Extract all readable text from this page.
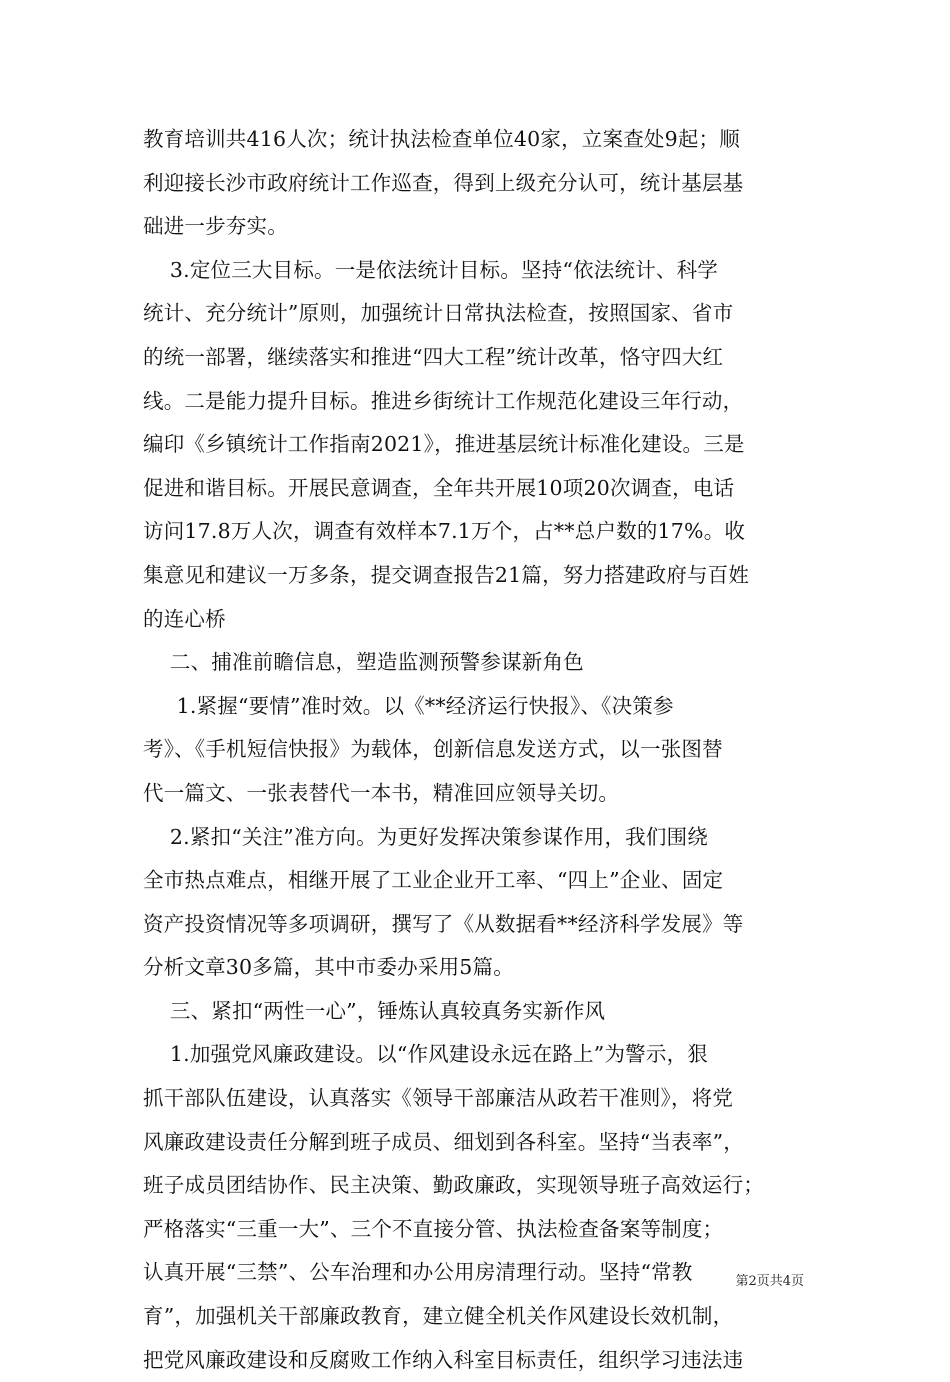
教育培训共416人次；统计执法检查单位40家，立案查处9起；顺
利迎接长沙市政府统计工作巡查，得到上级充分认可，统计基层基
础进一步夯实。
3.定位三大目标。一是依法统计目标。坚持“依法统计、科学
统计、充分统计”原则，加强统计日常执法检查，按照国家、省市
的统一部署，继续落实和推进“四大工程”统计改革，恪守四大红
线。二是能力提升目标。推进乡街统计工作规范化建设三年行动，
编印《乡镇统计工作指南2021》，推进基层统计标准化建设。三是
促进和谐目标。开展民意调查，全年共开展10项20次调查，电话
访问17.8万人次，调查有效样本7.1万个，占**总户数的17%。收
集意见和建议一万多条，提交调查报告21篇，努力搭建政府与百姓
的连心桥
二、捕准前瞻信息，塑造监测预警参谋新角色
1.紧握“要情”准时效。以《**经济运行快报》、《决策参
考》、《手机短信快报》为载体，创新信息发送方式，以一张图替
代一篇文、一张表替代一本书，精准回应领导关切。
2.紧扣“关注”准方向。为更好发挥决策参谋作用，我们围绕
全市热点难点，相继开展了工业企业开工率、“四上”企业、固定
资产投资情况等多项调研，撰写了《从数据看**经济科学发展》等
分析文章30多篇，其中市委办采用5篇。
三、紧扣“两性一心”，锤炼认真较真务实新作风
1.加强党风廉政建设。以“作风建设永远在路上”为警示，狠
抓干部队伍建设，认真落实《领导干部廉洁从政若干准则》，将党
风廉政建设责任分解到班子成员、细划到各科室。坚持“当表率”，
班子成员团结协作、民主决策、勤政廉政，实现领导班子高效运行；
严格落实“三重一大”、三个不直接分管、执法检查备案等制度；
认真开展“三禁”、公车治理和办公用房清理行动。坚持“常教
育”，加强机关干部廉政教育，建立健全机关作风建设长效机制，
把党风廉政建设和反腐败工作纳入科室目标责任，组织学习违法违
第2页共4页
